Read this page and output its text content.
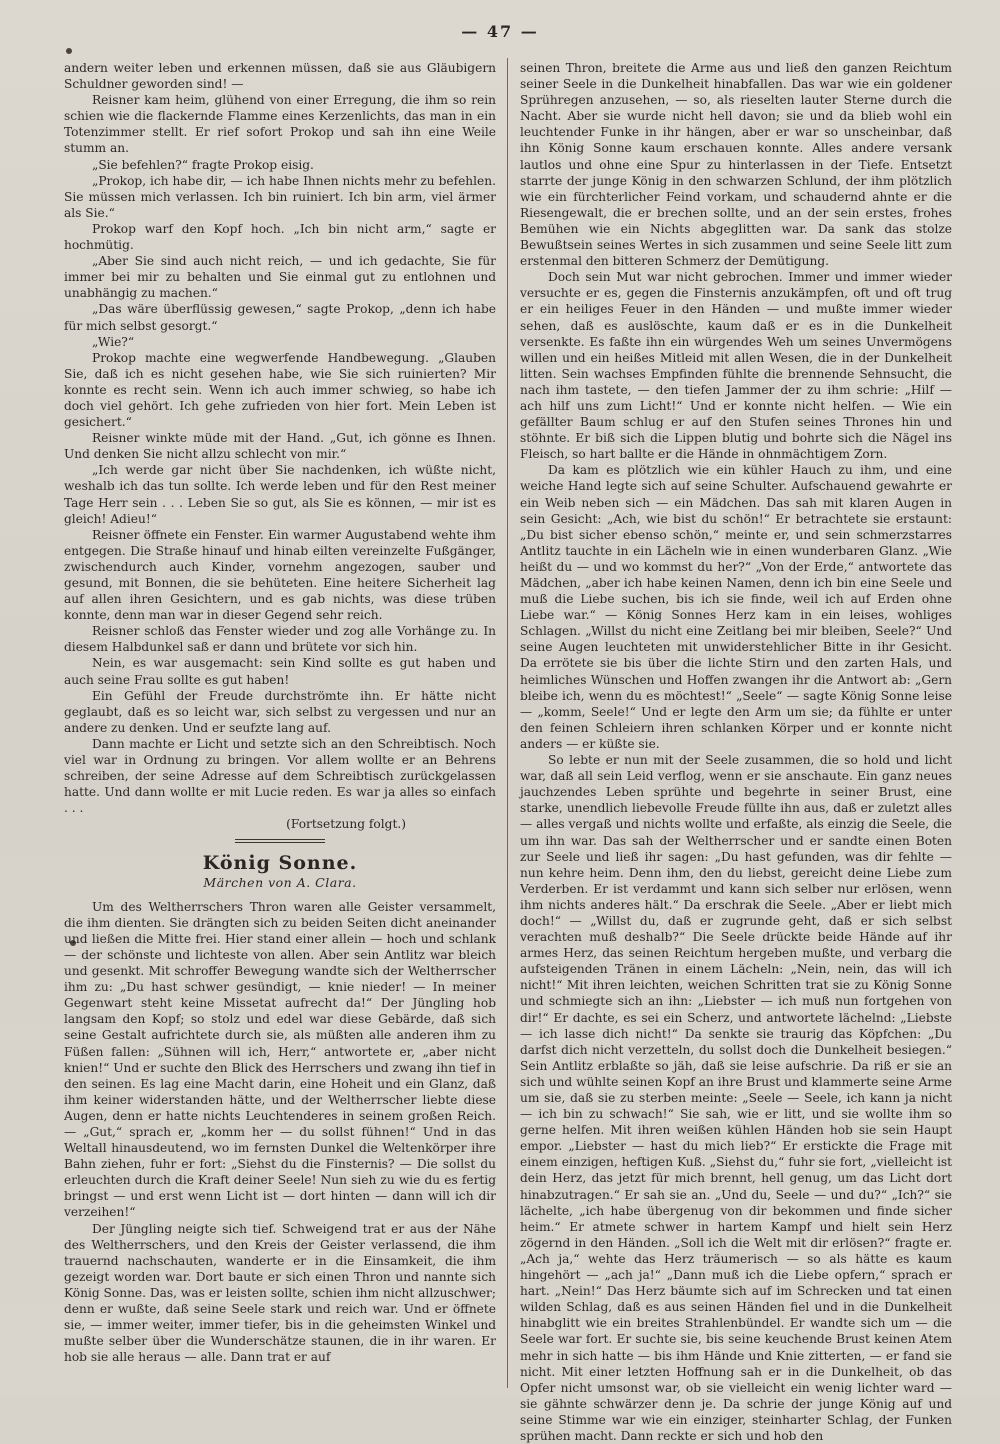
— 47 —

andern weiter leben und erkennen müssen, daß sie aus Gläubigern Schuldner geworden sind! —

Reisner kam heim, glühend von einer Erregung, die ihm so rein schien wie die flackernde Flamme eines Kerzenlichts, das man in ein Totenzimmer stellt. Er rief sofort Prokop und sah ihn eine Weile stumm an.

„Sie befehlen?“ fragte Prokop eisig.

„Prokop, ich habe dir, — ich habe Ihnen nichts mehr zu befehlen. Sie müssen mich verlassen. Ich bin ruiniert. Ich bin arm, viel ärmer als Sie.“

Prokop warf den Kopf hoch. „Ich bin nicht arm,“ sagte er hochmütig.

„Aber Sie sind auch nicht reich, — und ich gedachte, Sie für immer bei mir zu behalten und Sie einmal gut zu entlohnen und unabhängig zu machen.“

„Das wäre überflüssig gewesen,“ sagte Prokop, „denn ich habe für mich selbst gesorgt.“

„Wie?“

Prokop machte eine wegwerfende Handbewegung. „Glauben Sie, daß ich es nicht gesehen habe, wie Sie sich ruinierten? Mir konnte es recht sein. Wenn ich auch immer schwieg, so habe ich doch viel gehört. Ich gehe zufrieden von hier fort. Mein Leben ist gesichert.“

Reisner winkte müde mit der Hand. „Gut, ich gönne es Ihnen. Und denken Sie nicht allzu schlecht von mir.“

„Ich werde gar nicht über Sie nachdenken, ich wüßte nicht, weshalb ich das tun sollte. Ich werde leben und für den Rest meiner Tage Herr sein . . . Leben Sie so gut, als Sie es können, — mir ist es gleich! Adieu!“

Reisner öffnete ein Fenster. Ein warmer Augustabend wehte ihm entgegen. Die Straße hinauf und hinab eilten vereinzelte Fußgänger, zwischendurch auch Kinder, vornehm angezogen, sauber und gesund, mit Bonnen, die sie behüteten. Eine heitere Sicherheit lag auf allen ihren Gesichtern, und es gab nichts, was diese trüben konnte, denn man war in dieser Gegend sehr reich.

Reisner schloß das Fenster wieder und zog alle Vorhänge zu. In diesem Halbdunkel saß er dann und brütete vor sich hin.

Nein, es war ausgemacht: sein Kind sollte es gut haben und auch seine Frau sollte es gut haben!

Ein Gefühl der Freude durchströmte ihn. Er hätte nicht geglaubt, daß es so leicht war, sich selbst zu vergessen und nur an andere zu denken. Und er seufzte lang auf.

Dann machte er Licht und setzte sich an den Schreibtisch. Noch viel war in Ordnung zu bringen. Vor allem wollte er an Behrens schreiben, der seine Adresse auf dem Schreibtisch zurückgelassen hatte. Und dann wollte er mit Lucie reden. Es war ja alles so einfach . . .

(Fortsetzung folgt.)

König Sonne.
Märchen von A. Clara.

Um des Weltherrschers Thron waren alle Geister versammelt, die ihm dienten. Sie drängten sich zu beiden Seiten dicht aneinander und ließen die Mitte frei. Hier stand einer allein — hoch und schlank — der schönste und lichteste von allen. Aber sein Antlitz war bleich und gesenkt. Mit schroffer Bewegung wandte sich der Weltherrscher ihm zu: „Du hast schwer gesündigt, — knie nieder! — In meiner Gegenwart steht keine Missetat aufrecht da!“ Der Jüngling hob langsam den Kopf; so stolz und edel war diese Gebärde, daß sich seine Gestalt aufrichtete durch sie, als müßten alle anderen ihm zu Füßen fallen: „Sühnen will ich, Herr,“ antwortete er, „aber nicht knien!“ Und er suchte den Blick des Herrschers und zwang ihn tief in den seinen. Es lag eine Macht darin, eine Hoheit und ein Glanz, daß ihm keiner widerstanden hätte, und der Weltherrscher liebte diese Augen, denn er hatte nichts Leuchtenderes in seinem großen Reich. — „Gut,“ sprach er, „komm her — du sollst fühnen!“ Und in das Weltall hinausdeutend, wo im fernsten Dunkel die Weltenkörper ihre Bahn ziehen, fuhr er fort: „Siehst du die Finsternis? — Die sollst du erleuchten durch die Kraft deiner Seele! Nun sieh zu wie du es fertig bringst — und erst wenn Licht ist — dort hinten — dann will ich dir verzeihen!“

Der Jüngling neigte sich tief. Schweigend trat er aus der Nähe des Weltherrschers, und den Kreis der Geister verlassend, die ihm trauernd nachschauten, wanderte er in die Einsamkeit, die ihm gezeigt worden war. Dort baute er sich einen Thron und nannte sich König Sonne. Das, was er leisten sollte, schien ihm nicht allzuschwer; denn er wußte, daß seine Seele stark und reich war. Und er öffnete sie, — immer weiter, immer tiefer, bis in die geheimsten Winkel und mußte selber über die Wunderschätze staunen, die in ihr waren. Er hob sie alle heraus — alle. Dann trat er auf

seinen Thron, breitete die Arme aus und ließ den ganzen Reichtum seiner Seele in die Dunkelheit hinabfallen. Das war wie ein goldener Sprühregen anzusehen, — so, als rieselten lauter Sterne durch die Nacht. Aber sie wurde nicht hell davon; sie und da blieb wohl ein leuchtender Funke in ihr hängen, aber er war so unscheinbar, daß ihn König Sonne kaum erschauen konnte. Alles andere versank lautlos und ohne eine Spur zu hinterlassen in der Tiefe. Entsetzt starrte der junge König in den schwarzen Schlund, der ihm plötzlich wie ein fürchterlicher Feind vorkam, und schaudernd ahnte er die Riesengewalt, die er brechen sollte, und an der sein erstes, frohes Bemühen wie ein Nichts abgeglitten war. Da sank das stolze Bewußtsein seines Wertes in sich zusammen und seine Seele litt zum erstenmal den bitteren Schmerz der Demütigung.

Doch sein Mut war nicht gebrochen. Immer und immer wieder versuchte er es, gegen die Finsternis anzukämpfen, oft und oft trug er ein heiliges Feuer in den Händen — und mußte immer wieder sehen, daß es auslöschte, kaum daß er es in die Dunkelheit versenkte. Es faßte ihn ein würgendes Weh um seines Unvermögens willen und ein heißes Mitleid mit allen Wesen, die in der Dunkelheit litten. Sein wachses Empfinden fühlte die brennende Sehnsucht, die nach ihm tastete, — den tiefen Jammer der zu ihm schrie: „Hilf — ach hilf uns zum Licht!“ Und er konnte nicht helfen. — Wie ein gefällter Baum schlug er auf den Stufen seines Thrones hin und stöhnte. Er biß sich die Lippen blutig und bohrte sich die Nägel ins Fleisch, so hart ballte er die Hände in ohnmächtigem Zorn.

Da kam es plötzlich wie ein kühler Hauch zu ihm, und eine weiche Hand legte sich auf seine Schulter. Aufschauend gewahrte er ein Weib neben sich — ein Mädchen. Das sah mit klaren Augen in sein Gesicht: „Ach, wie bist du schön!“ Er betrachtete sie erstaunt: „Du bist sicher ebenso schön,“ meinte er, und sein schmerzstarres Antlitz tauchte in ein Lächeln wie in einen wunderbaren Glanz. „Wie heißt du — und wo kommst du her?“ „Von der Erde,“ antwortete das Mädchen, „aber ich habe keinen Namen, denn ich bin eine Seele und muß die Liebe suchen, bis ich sie finde, weil ich auf Erden ohne Liebe war.“ — König Sonnes Herz kam in ein leises, wohliges Schlagen. „Willst du nicht eine Zeitlang bei mir bleiben, Seele?“ Und seine Augen leuchteten mit unwiderstehlicher Bitte in ihr Gesicht. Da errötete sie bis über die lichte Stirn und den zarten Hals, und heimliches Wünschen und Hoffen zwangen ihr die Antwort ab: „Gern bleibe ich, wenn du es möchtest!“ „Seele“ — sagte König Sonne leise — „komm, Seele!“ Und er legte den Arm um sie; da fühlte er unter den feinen Schleiern ihren schlanken Körper und er konnte nicht anders — er küßte sie.

So lebte er nun mit der Seele zusammen, die so hold und licht war, daß all sein Leid verflog, wenn er sie anschaute. Ein ganz neues jauchzendes Leben sprühte und begehrte in seiner Brust, eine starke, unendlich liebevolle Freude füllte ihn aus, daß er zuletzt alles — alles vergaß und nichts wollte und erfaßte, als einzig die Seele, die um ihn war. Das sah der Weltherrscher und er sandte einen Boten zur Seele und ließ ihr sagen: „Du hast gefunden, was dir fehlte — nun kehre heim. Denn ihm, den du liebst, gereicht deine Liebe zum Verderben. Er ist verdammt und kann sich selber nur erlösen, wenn ihm nichts anderes hält.“ Da erschrak die Seele. „Aber er liebt mich doch!“ — „Willst du, daß er zugrunde geht, daß er sich selbst verachten muß deshalb?“ Die Seele drückte beide Hände auf ihr armes Herz, das seinen Reichtum hergeben mußte, und verbarg die aufsteigenden Tränen in einem Lächeln: „Nein, nein, das will ich nicht!“ Mit ihren leichten, weichen Schritten trat sie zu König Sonne und schmiegte sich an ihn: „Liebster — ich muß nun fortgehen von dir!“ Er dachte, es sei ein Scherz, und antwortete lächelnd: „Liebste — ich lasse dich nicht!“ Da senkte sie traurig das Köpfchen: „Du darfst dich nicht verzetteln, du sollst doch die Dunkelheit besiegen.“ Sein Antlitz erblaßte so jäh, daß sie leise aufschrie. Da riß er sie an sich und wühlte seinen Kopf an ihre Brust und klammerte seine Arme um sie, daß sie zu sterben meinte: „Seele — Seele, ich kann ja nicht — ich bin zu schwach!“ Sie sah, wie er litt, und sie wollte ihm so gerne helfen. Mit ihren weißen kühlen Händen hob sie sein Haupt empor. „Liebster — hast du mich lieb?“ Er erstickte die Frage mit einem einzigen, heftigen Kuß. „Siehst du,“ fuhr sie fort, „vielleicht ist dein Herz, das jetzt für mich brennt, hell genug, um das Licht dort hinabzutragen.“ Er sah sie an. „Und du, Seele — und du?“ „Ich?“ sie lächelte, „ich habe übergenug von dir bekommen und finde sicher heim.“ Er atmete schwer in hartem Kampf und hielt sein Herz zögernd in den Händen. „Soll ich die Welt mit dir erlösen?“ fragte er. „Ach ja,“ wehte das Herz träumerisch — so als hätte es kaum hingehört — „ach ja!“ „Dann muß ich die Liebe opfern,“ sprach er hart. „Nein!“ Das Herz bäumte sich auf im Schrecken und tat einen wilden Schlag, daß es aus seinen Händen fiel und in die Dunkelheit hinabglitt wie ein breites Strahlenbündel. Er wandte sich um — die Seele war fort. Er suchte sie, bis seine keuchende Brust keinen Atem mehr in sich hatte — bis ihm Hände und Knie zitterten, — er fand sie nicht. Mit einer letzten Hoffnung sah er in die Dunkelheit, ob das Opfer nicht umsonst war, ob sie vielleicht ein wenig lichter ward — sie gähnte schwärzer denn je. Da schrie der junge König auf und seine Stimme war wie ein einziger, steinharter Schlag, der Funken sprühen macht. Dann reckte er sich und hob den
